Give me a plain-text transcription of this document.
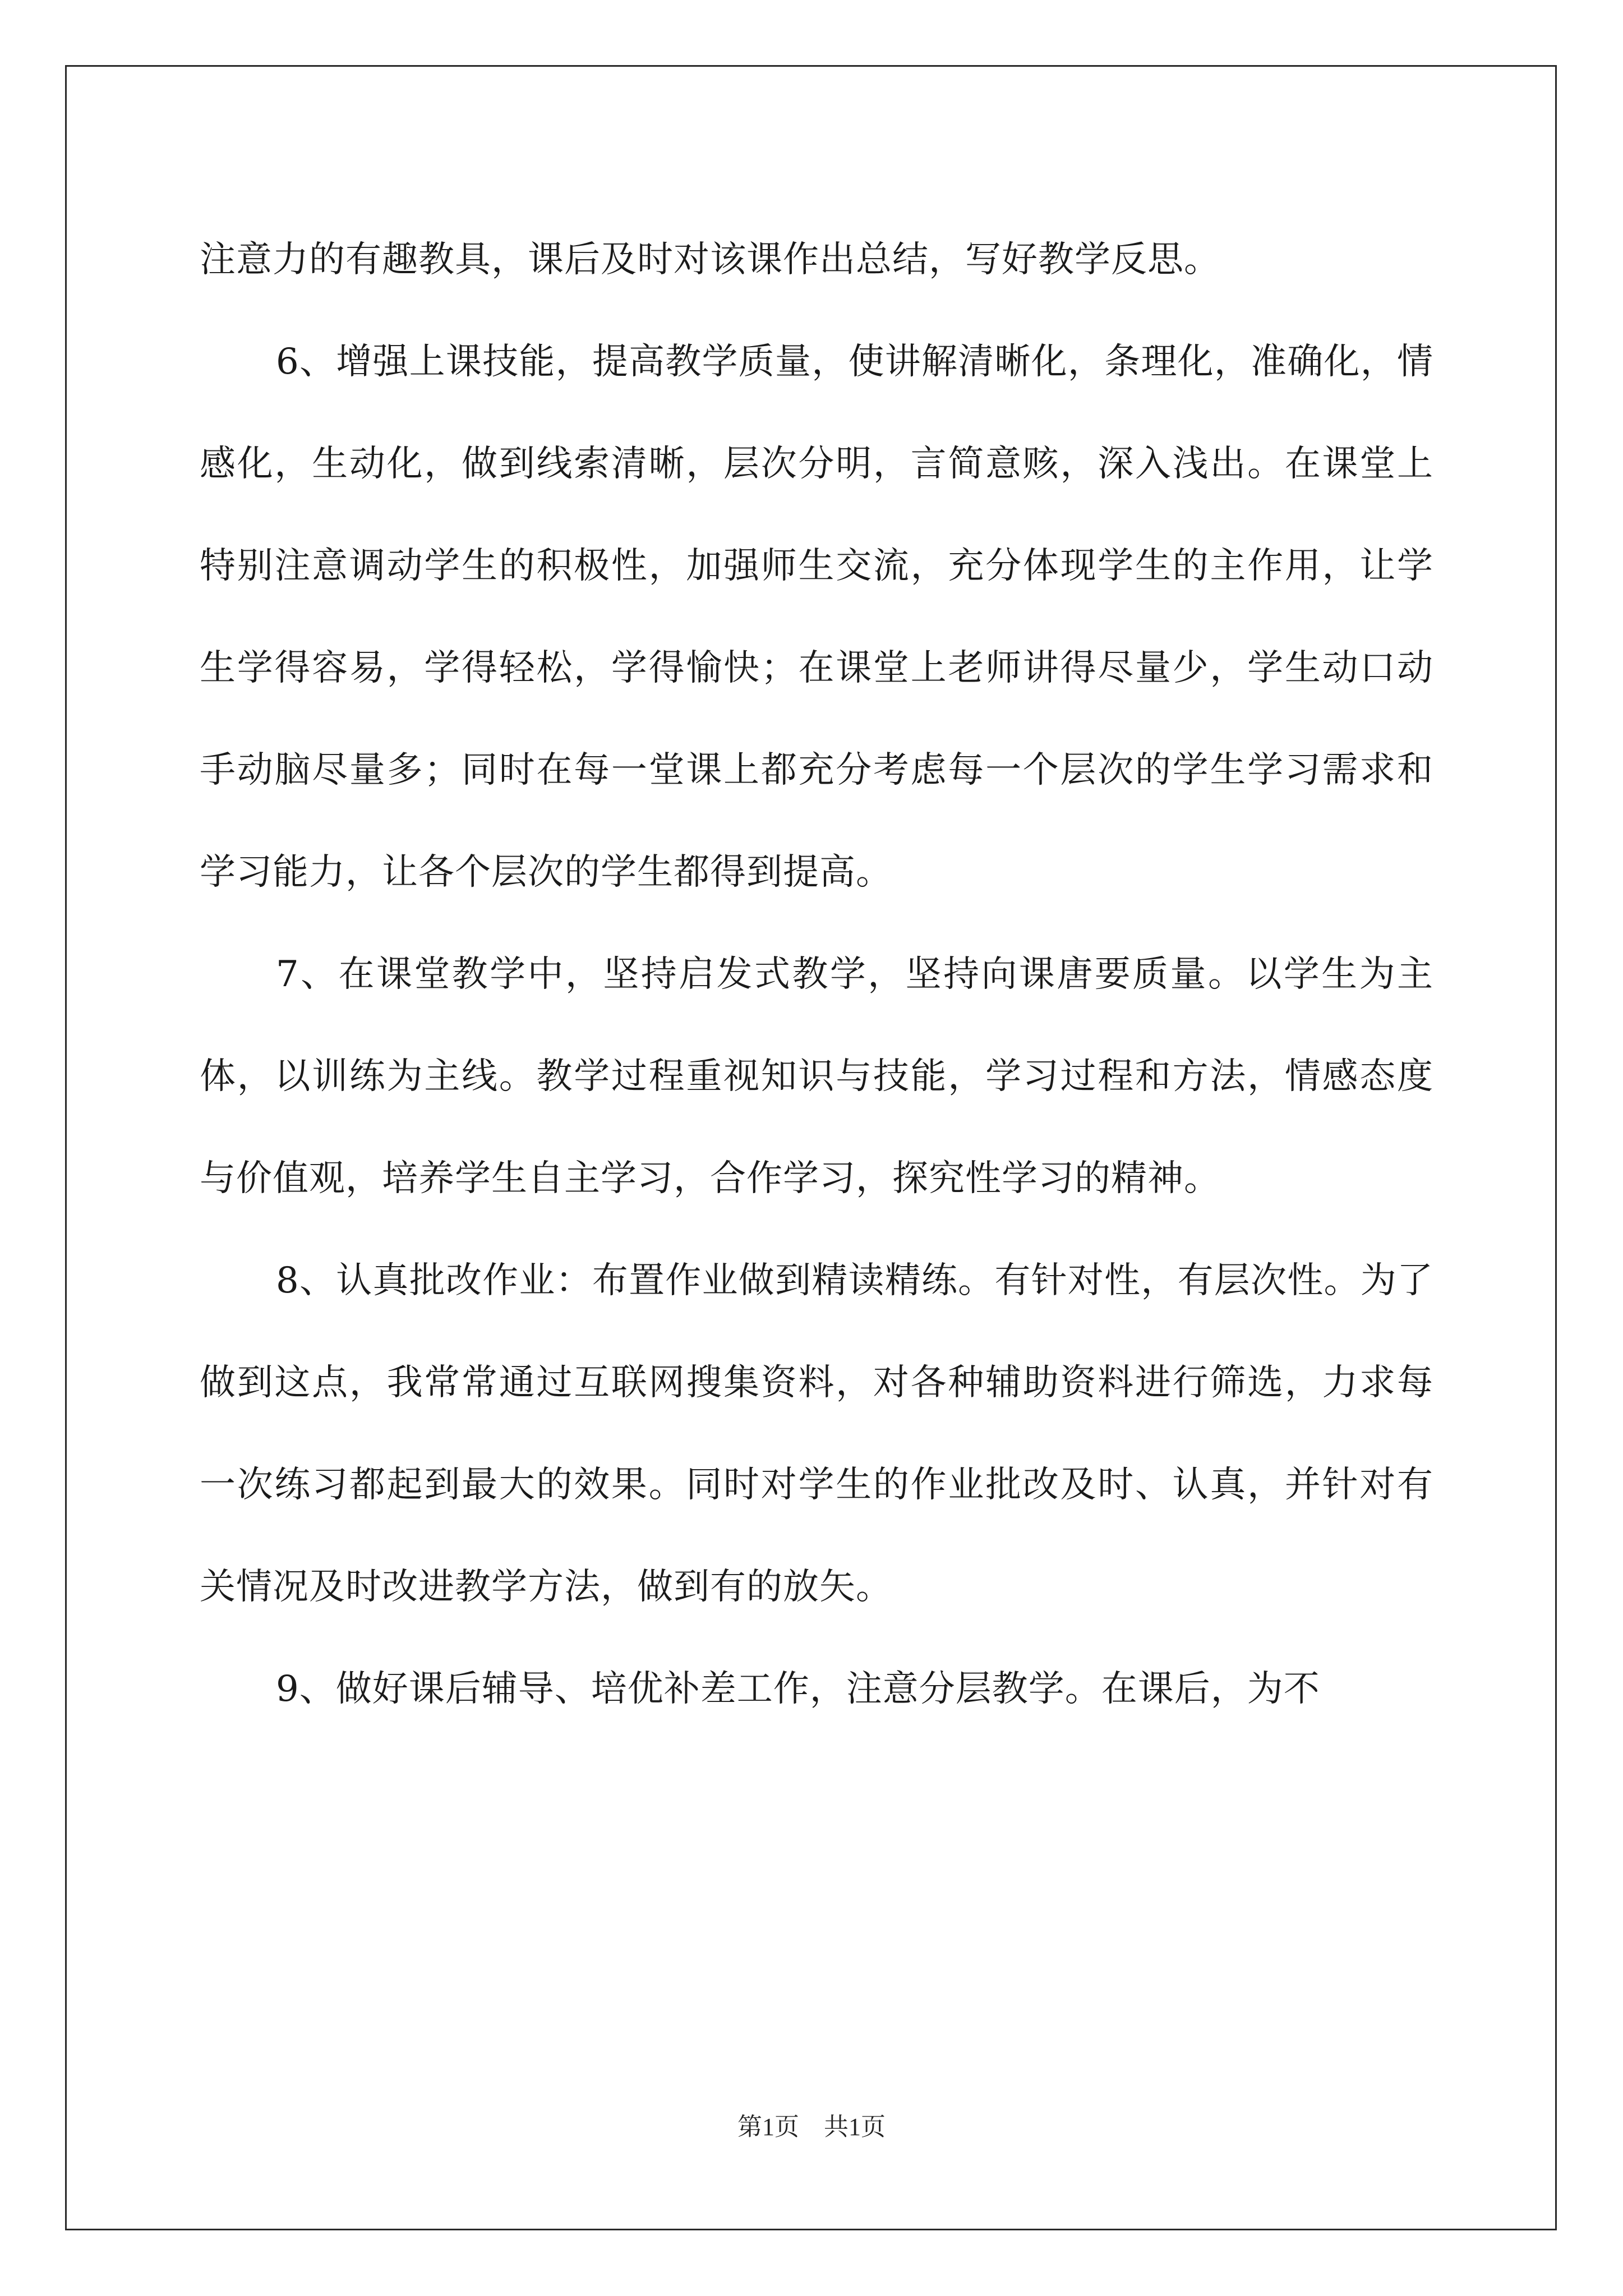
注意力的有趣教具，课后及时对该课作出总结，写好教学反思。

6、增强上课技能，提高教学质量，使讲解清晰化，条理化，准确化，情感化，生动化，做到线索清晰，层次分明，言简意赅，深入浅出。在课堂上特别注意调动学生的积极性，加强师生交流，充分体现学生的主作用，让学生学得容易，学得轻松，学得愉快；在课堂上老师讲得尽量少，学生动口动手动脑尽量多；同时在每一堂课上都充分考虑每一个层次的学生学习需求和学习能力，让各个层次的学生都得到提高。

7、在课堂教学中，坚持启发式教学，坚持向课唐要质量。以学生为主体，以训练为主线。教学过程重视知识与技能，学习过程和方法，情感态度与价值观，培养学生自主学习，合作学习，探究性学习的精神。

8、认真批改作业：布置作业做到精读精练。有针对性，有层次性。为了做到这点，我常常通过互联网搜集资料，对各种辅助资料进行筛选，力求每一次练习都起到最大的效果。同时对学生的作业批改及时、认真，并针对有关情况及时改进教学方法，做到有的放矢。

9、做好课后辅导、培优补差工作，注意分层教学。在课后，为不

第1页 共1页
